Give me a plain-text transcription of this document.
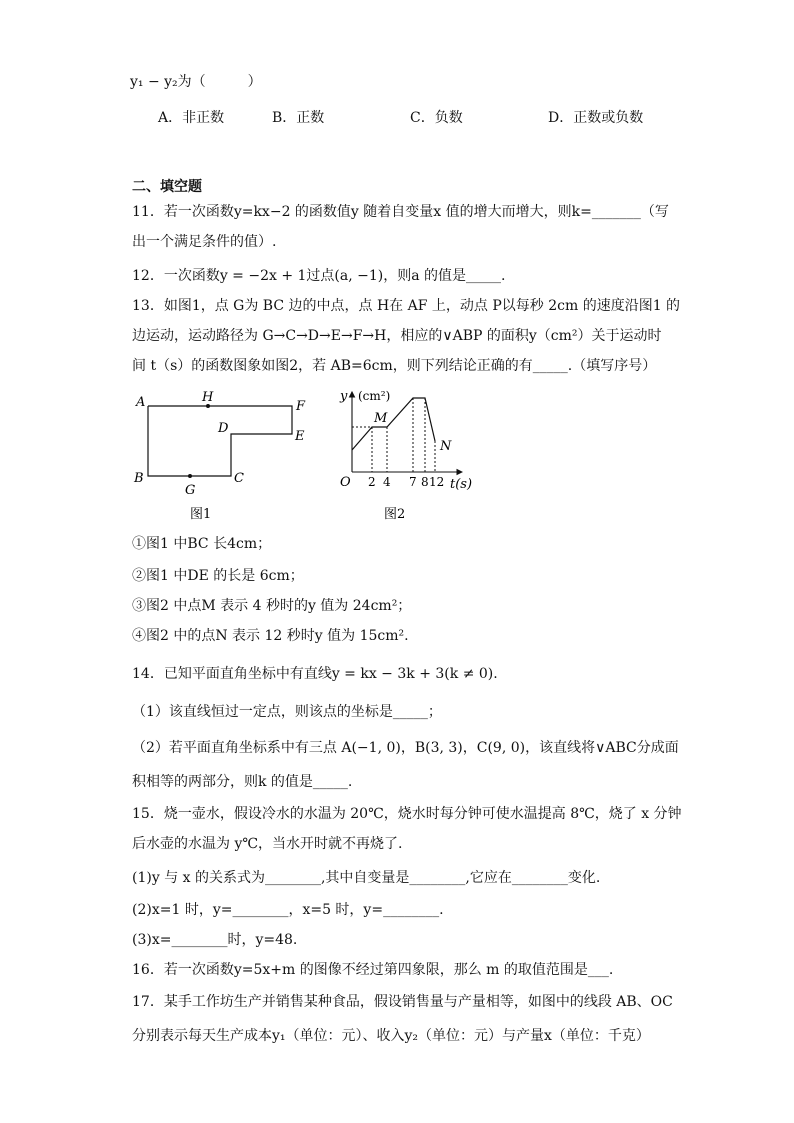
y₁ − y₂为（　　　）
A．非正数	B．正数	C．负数	D．正数或负数
二、填空题
11．若一次函数y=kx−2 的函数值y 随着自变量x 值的增大而增大，则k=_______（写
出一个满足条件的值）.
12．一次函数y = −2x + 1过点(a, −1)，则a 的值是_____.
13．如图1，点 G为 BC 边的中点，点 H在 AF 上，动点 P以每秒 2cm 的速度沿图1 的
边运动，运动路径为 G→C→D→E→F→H，相应的∨ABP 的面积y（cm²）关于运动时
间 t（s）的函数图象如图2，若 AB=6cm，则下列结论正确的有_____.（填写序号）
A	H
F
D
E
B
G
C
图1
y (cm²)
M
N
O 2 4 7 8 12 t(s)
图2
①图1 中BC 长4cm；
②图1 中DE 的长是 6cm；
③图2 中点M 表示 4 秒时的y 值为 24cm²；
④图2 中的点N 表示 12 秒时y 值为 15cm².
14．已知平面直角坐标中有直线y = kx − 3k + 3(k ≠ 0).
（1）该直线恒过一定点，则该点的坐标是_____；
（2）若平面直角坐标系中有三点 A(−1, 0)，B(3, 3)，C(9, 0)，该直线将∨ABC分成面
积相等的两部分，则k 的值是_____.
15．烧一壶水，假设冷水的水温为 20℃，烧水时每分钟可使水温提高 8℃，烧了 x 分钟
后水壶的水温为 y℃，当水开时就不再烧了.
(1)y 与 x 的关系式为________,其中自变量是________,它应在________变化.
(2)x=1 时，y=________，x=5 时，y=________.
(3)x=________时，y=48.
16．若一次函数y=5x+m 的图像不经过第四象限，那么 m 的取值范围是___.
17．某手工作坊生产并销售某种食品，假设销售量与产量相等，如图中的线段 AB、OC
分别表示每天生产成本y₁（单位：元）、收入y₂（单位：元）与产量x（单位：千克）
